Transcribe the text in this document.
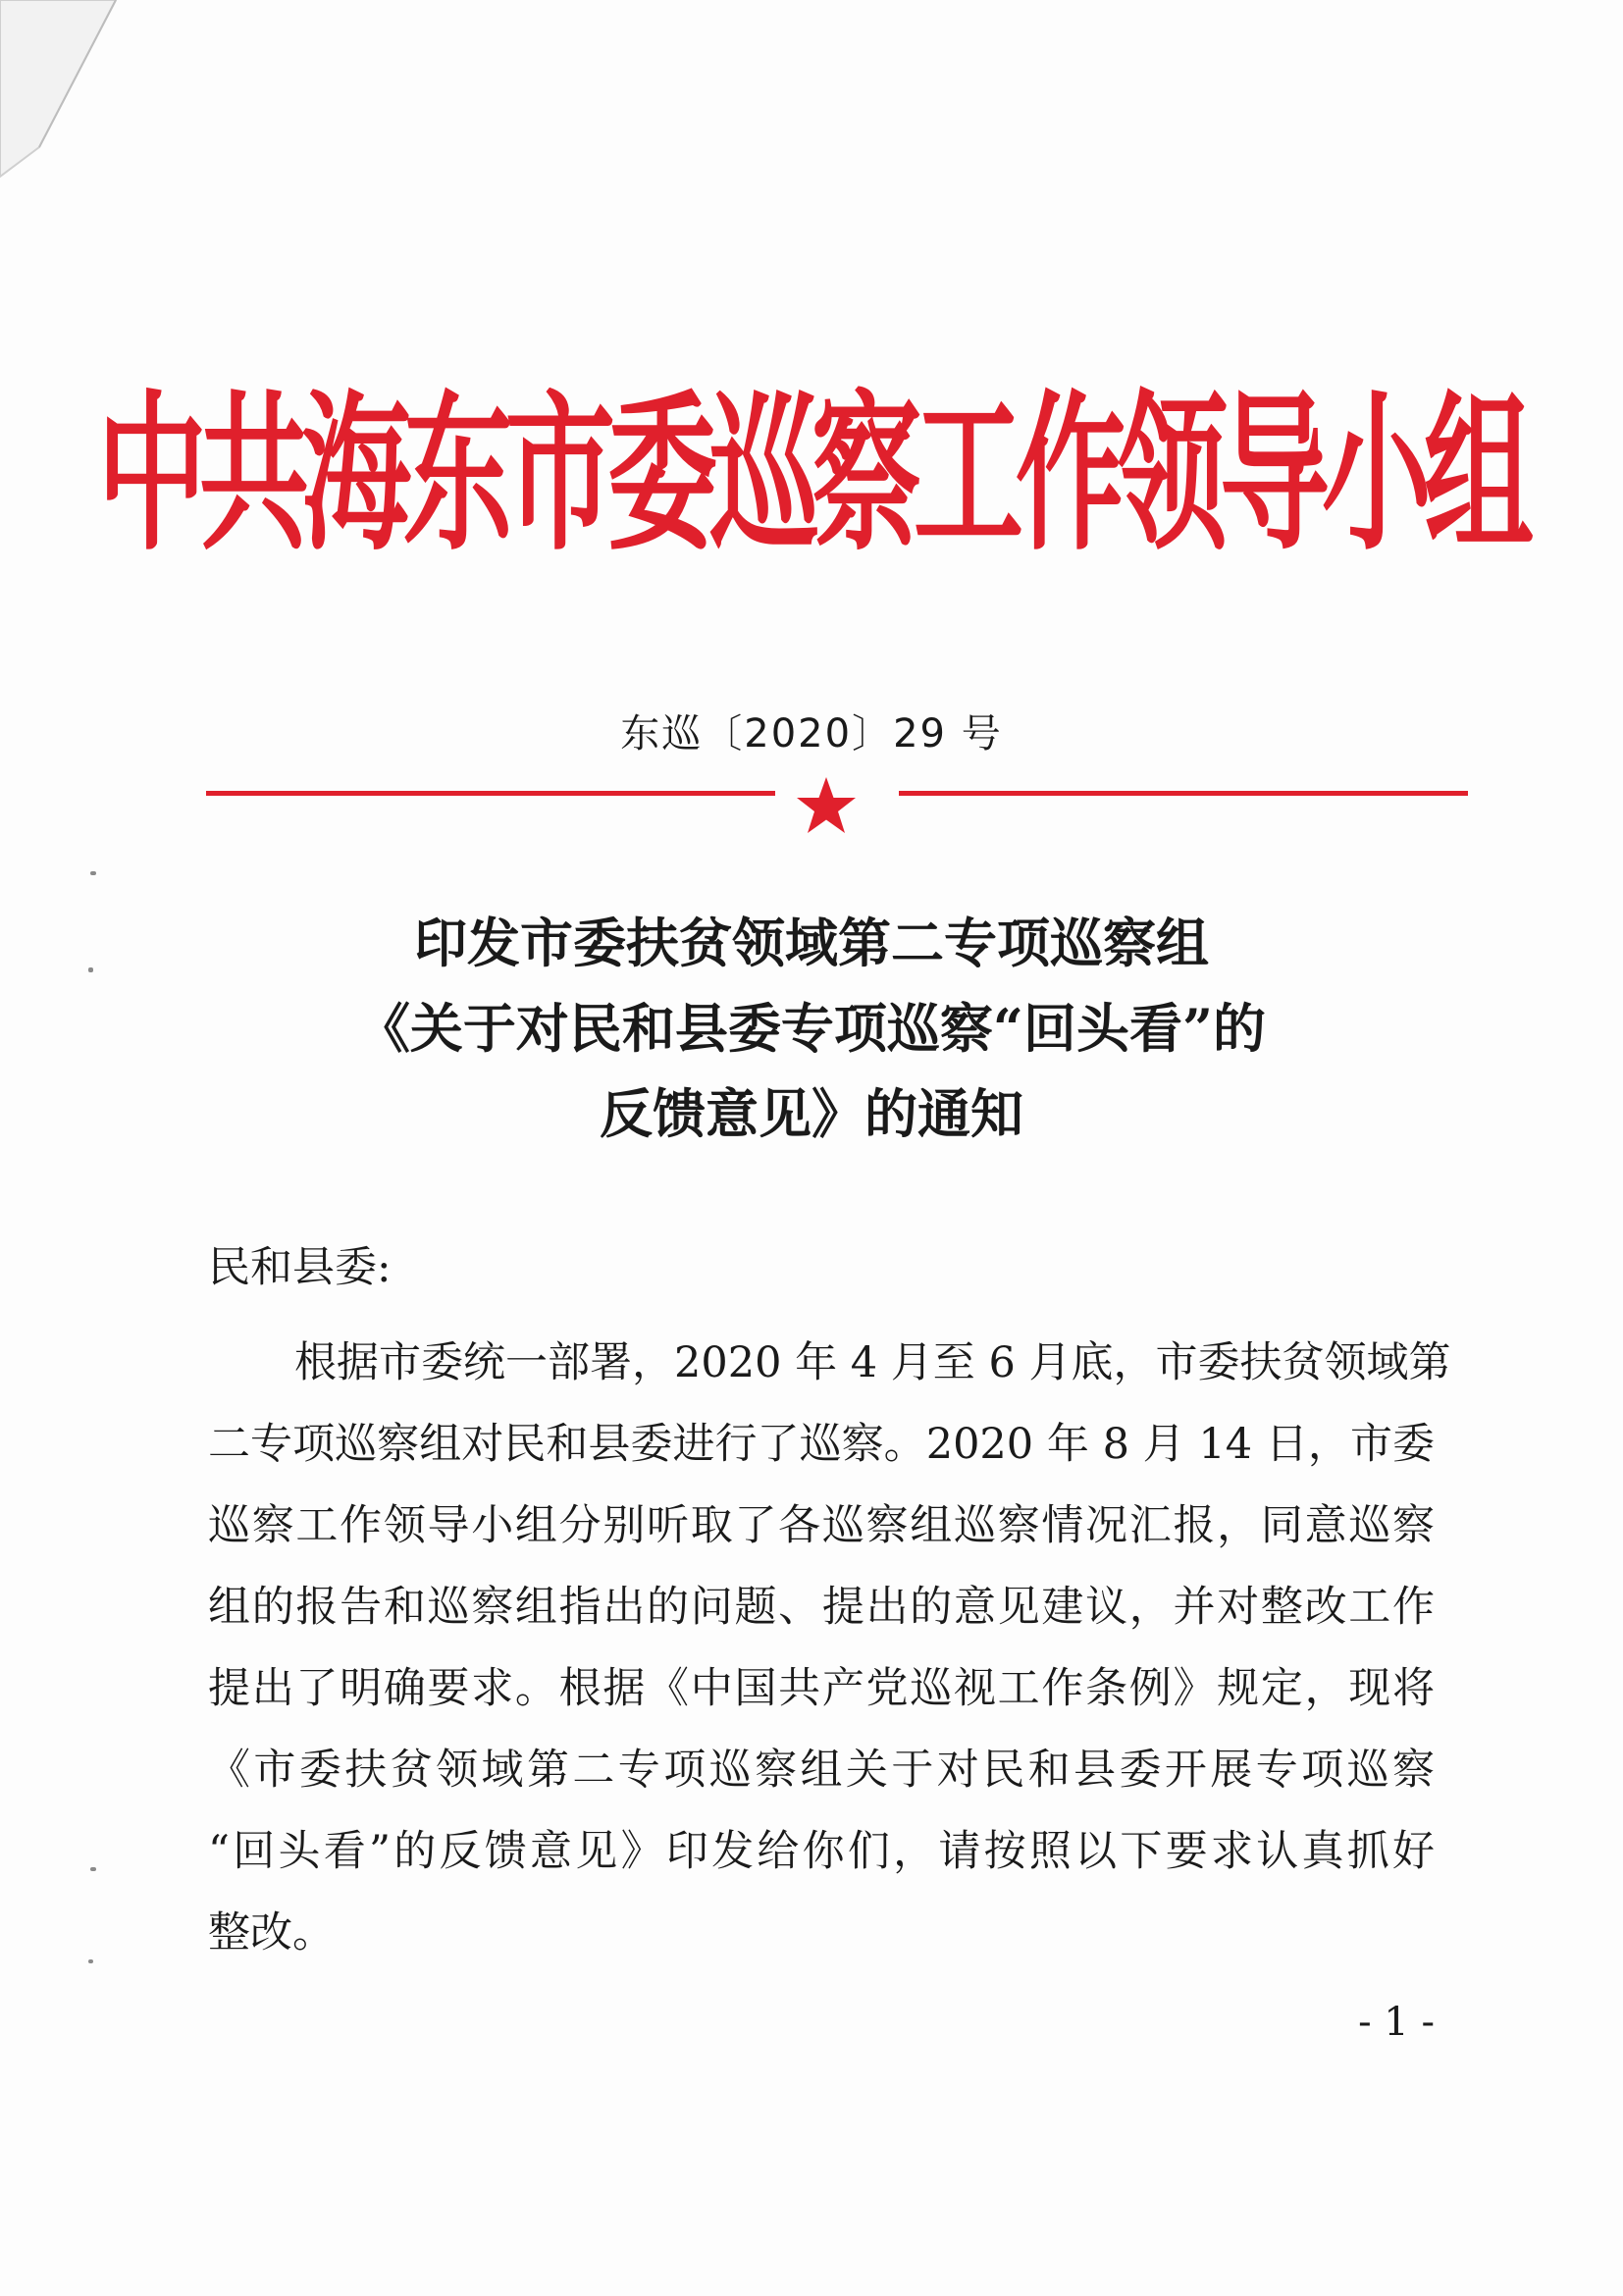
中共海东市委巡察工作领导小组
东巡〔2020〕29 号
印发市委扶贫领域第二专项巡察组
《关于对民和县委专项巡察“回头看”的
反馈意见》的通知
民和县委:
根据市委统一部署，2020 年 4 月至 6 月底，市委扶贫领域第
二专项巡察组对民和县委进行了巡察。2020 年 8 月 14 日，市委
巡察工作领导小组分别听取了各巡察组巡察情况汇报，同意巡察
组的报告和巡察组指出的问题、提出的意见建议，并对整改工作
提出了明确要求。根据《中国共产党巡视工作条例》规定，现将
《市委扶贫领域第二专项巡察组关于对民和县委开展专项巡察
“回头看”的反馈意见》印发给你们，请按照以下要求认真抓好
整改。
- 1 -
